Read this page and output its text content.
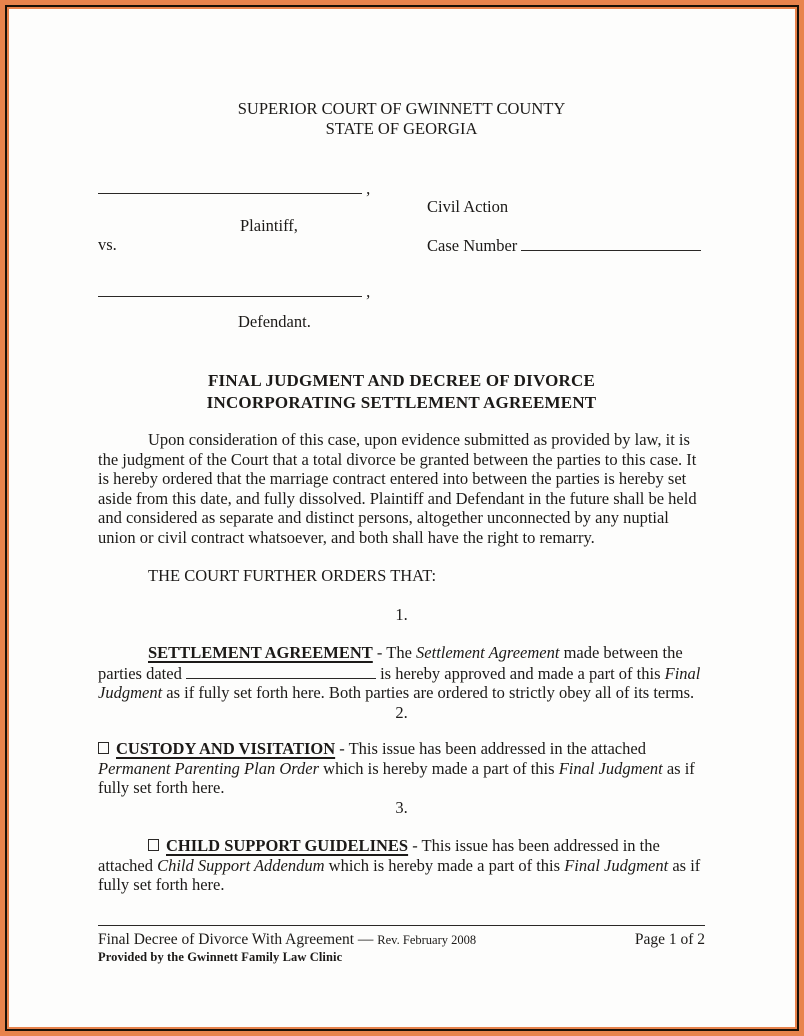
SUPERIOR COURT OF GWINNETT COUNTY
STATE OF GEORGIA
,
Civil Action
Plaintiff,
vs.	Case Number
,
Defendant.
FINAL JUDGMENT AND DECREE OF DIVORCE
INCORPORATING SETTLEMENT AGREEMENT

Upon consideration of this case, upon evidence submitted as provided by law, it is the judgment of the Court that a total divorce be granted between the parties to this case. It is hereby ordered that the marriage contract entered into between the parties is hereby set aside from this date, and fully dissolved. Plaintiff and Defendant in the future shall be held and considered as separate and distinct persons, altogether unconnected by any nuptial union or civil contract whatsoever, and both shall have the right to remarry.

THE COURT FURTHER ORDERS THAT:

1.

SETTLEMENT AGREEMENT - The Settlement Agreement made between the parties dated	is hereby approved and made a part of this Final Judgment as if fully set forth here. Both parties are ordered to strictly obey all of its terms.

2.

CUSTODY AND VISITATION - This issue has been addressed in the attached Permanent Parenting Plan Order which is hereby made a part of this Final Judgment as if fully set forth here.

3.

CHILD SUPPORT GUIDELINES - This issue has been addressed in the attached Child Support Addendum which is hereby made a part of this Final Judgment as if fully set forth here.

Final Decree of Divorce With Agreement — Rev. February 2008	Page 1 of 2
Provided by the Gwinnett Family Law Clinic
